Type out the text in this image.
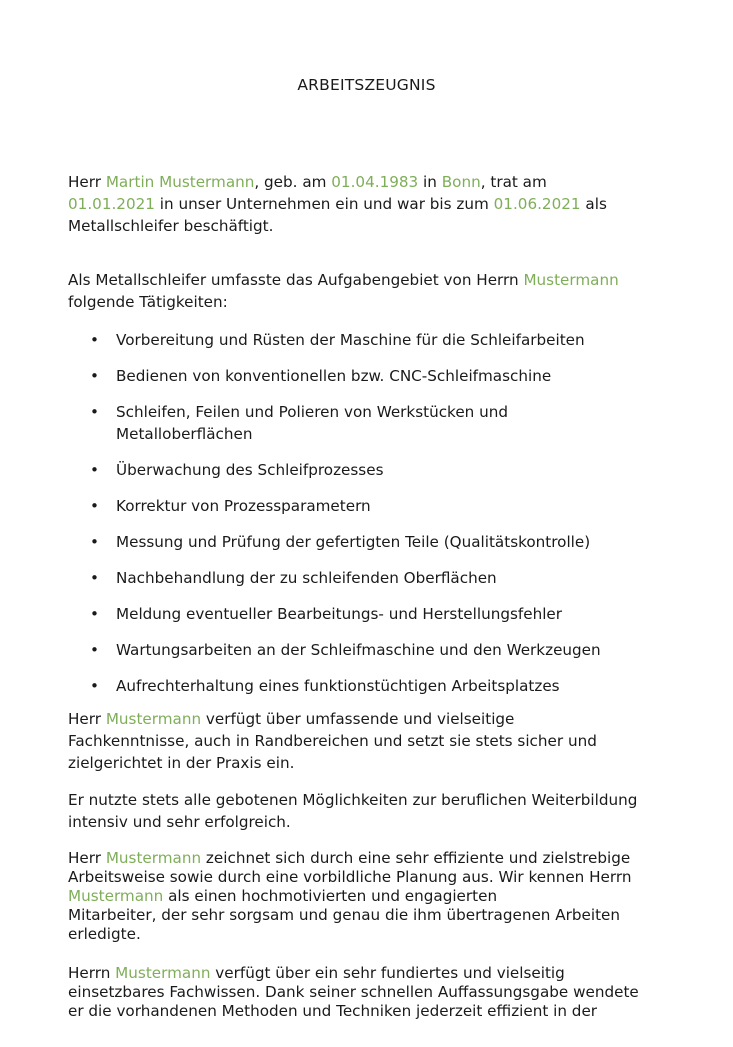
ARBEITSZEUGNIS

Herr Martin Mustermann, geb. am 01.04.1983 in Bonn, trat am
01.01.2021 in unser Unternehmen ein und war bis zum 01.06.2021 als
Metallschleifer beschäftigt.

Als Metallschleifer umfasste das Aufgabengebiet von Herrn Mustermann
folgende Tätigkeiten:

• Vorbereitung und Rüsten der Maschine für die Schleifarbeiten
• Bedienen von konventionellen bzw. CNC-Schleifmaschine
• Schleifen, Feilen und Polieren von Werkstücken und Metalloberflächen
• Überwachung des Schleifprozesses
• Korrektur von Prozessparametern
• Messung und Prüfung der gefertigten Teile (Qualitätskontrolle)
• Nachbehandlung der zu schleifenden Oberflächen
• Meldung eventueller Bearbeitungs- und Herstellungsfehler
• Wartungsarbeiten an der Schleifmaschine und den Werkzeugen
• Aufrechterhaltung eines funktionstüchtigen Arbeitsplatzes

Herr Mustermann verfügt über umfassende und vielseitige
Fachkenntnisse, auch in Randbereichen und setzt sie stets sicher und
zielgerichtet in der Praxis ein.

Er nutzte stets alle gebotenen Möglichkeiten zur beruflichen Weiterbildung
intensiv und sehr erfolgreich.

Herr Mustermann zeichnet sich durch eine sehr effiziente und zielstrebige
Arbeitsweise sowie durch eine vorbildliche Planung aus. Wir kennen Herrn
Mustermann als einen hochmotivierten und engagierten
Mitarbeiter, der sehr sorgsam und genau die ihm übertragenen Arbeiten
erledigte.

Herrn Mustermann verfügt über ein sehr fundiertes und vielseitig
einsetzbares Fachwissen. Dank seiner schnellen Auffassungsgabe wendete
er die vorhandenen Methoden und Techniken jederzeit effizient in der
